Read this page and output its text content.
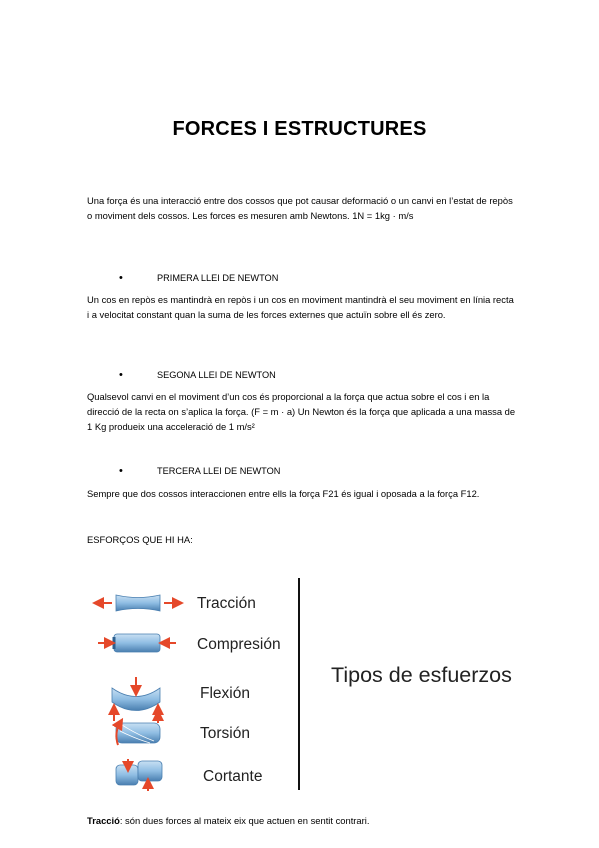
FORCES I ESTRUCTURES
Una força és una interacció entre dos cossos que pot causar deformació o un canvi en l’estat de repòs o moviment dels cossos. Les forces es mesuren amb Newtons. 1N = 1kg · m/s
•	PRIMERA LLEI DE NEWTON
Un cos en repòs es mantindrà en repòs i un cos en moviment mantindrà el seu moviment en línia recta i a velocitat constant quan la suma de les forces externes que actuïn sobre ell és zero.
•	SEGONA LLEI DE NEWTON
Qualsevol canvi en el moviment d’un cos és proporcional a la força que actua sobre el cos i en la direcció de la recta on s’aplica la força. (F = m · a) Un Newton és la força que aplicada a una massa de 1 Kg produeix una acceleració de 1 m/s²
•	TERCERA LLEI DE NEWTON
Sempre que dos cossos interaccionen entre ells la força F21 és igual i oposada a la força F12.
ESFORÇOS QUE HI HA:
Tracción
Compresión
Flexión
Torsión
Cortante
Tipos de esfuerzos
Tracció: són dues forces al mateix eix que actuen en sentit contrari.
